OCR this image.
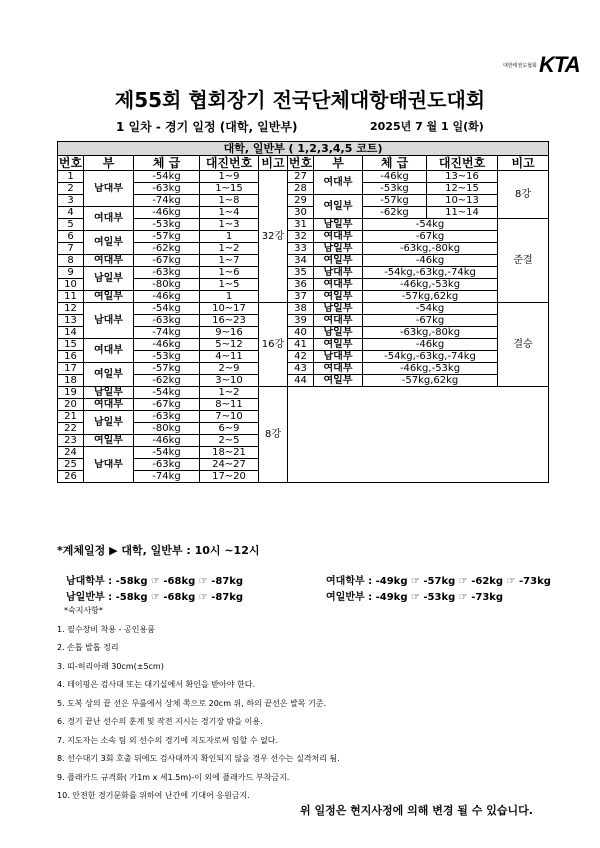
대한태권도협회 KTA
제55회 협회장기 전국단체대항태권도대회
1 일차 - 경기 일정 (대학, 일반부)	2025년 7 월 1 일(화)
대학, 일반부 ( 1,2,3,4,5 코트)									
번호	부	체 급	대진번호	비고	번호	부	체 급	대진번호	비고
1		-54kg	1~9	32강	27	여대부	-46kg	13~16	8강
2	남대부	-63kg	1~15		28		-53kg	12~15	
3		-74kg	1~8		29	여일부	-57kg	10~13	
4	여대부	-46kg	1~4		30		-62kg	11~14	
5		-53kg	1~3		31	남일부	-54kg		준결
6	여일부	-57kg	1		32	여대부	-67kg		
7		-62kg	1~2		33	남일부	-63kg,-80kg		
8	여대부	-67kg	1~7		34	여일부	-46kg		
9	남일부	-63kg	1~6		35	남대부	-54kg,-63kg,-74kg		
10		-80kg	1~5		36	여대부	-46kg,-53kg		
11	여일부	-46kg	1		37	여일부	-57kg,62kg		
12	남대부	-54kg	10~17	16강	38	남일부	-54kg		결승
13		-63kg	16~23		39	여대부	-67kg		
14		-74kg	9~16		40	남일부	-63kg,-80kg		
15	여대부	-46kg	5~12		41	여일부	-46kg		
16		-53kg	4~11		42	남대부	-54kg,-63kg,-74kg		
17	여일부	-57kg	2~9		43	여대부	-46kg,-53kg		
18		-62kg	3~10		44	여일부	-57kg,62kg		
19	남일부	-54kg	1~2	8강					
20	여대부	-67kg	8~11						
21	남일부	-63kg	7~10						
22		-80kg	6~9						
23	여일부	-46kg	2~5						
24		-54kg	18~21						
25	남대부	-63kg	24~27						
26		-74kg	17~20						
*계체일정 ▶ 대학, 일반부 : 10시 ~12시
남대학부 : -58kg ☞ -68kg ☞ -87kg	여대학부 : -49kg ☞ -57kg ☞ -62kg ☞ -73kg
남일반부 : -58kg ☞ -68kg ☞ -87kg	여일반부 : -49kg ☞ -53kg ☞ -73kg
*숙지사항*
1. 필수장비 착용 - 공인용품
2. 손톱 발톱 정리
3. 띠-허리아래 30cm(±5cm)
4. 테이핑은 검사대 또는 대기실에서 확인을 받아야 한다.
5. 도복 상의 끝 선은 무릎에서 상체 쪽으로 20cm 위, 하의 끝선은 발목 기준.
6. 경기 끝난 선수의 훈계 및 작전 지시는 경기장 밖을 이용.
7. 지도자는 소속 팀 외 선수의 경기에 지도자로써 임할 수 없다.
8. 선수대기 3회 호출 뒤에도 검사대까지 확인되지 않을 경우 선수는 실격처리 됨.
9. 플래카드 규격화( 가1m x 세1.5m)-이 외에 플래카드 부착금지.
10. 안전한 경기문화를 위하여 난간에 기대어 응원금지.
위 일정은 현지사정에 의해 변경 될 수 있습니다.
